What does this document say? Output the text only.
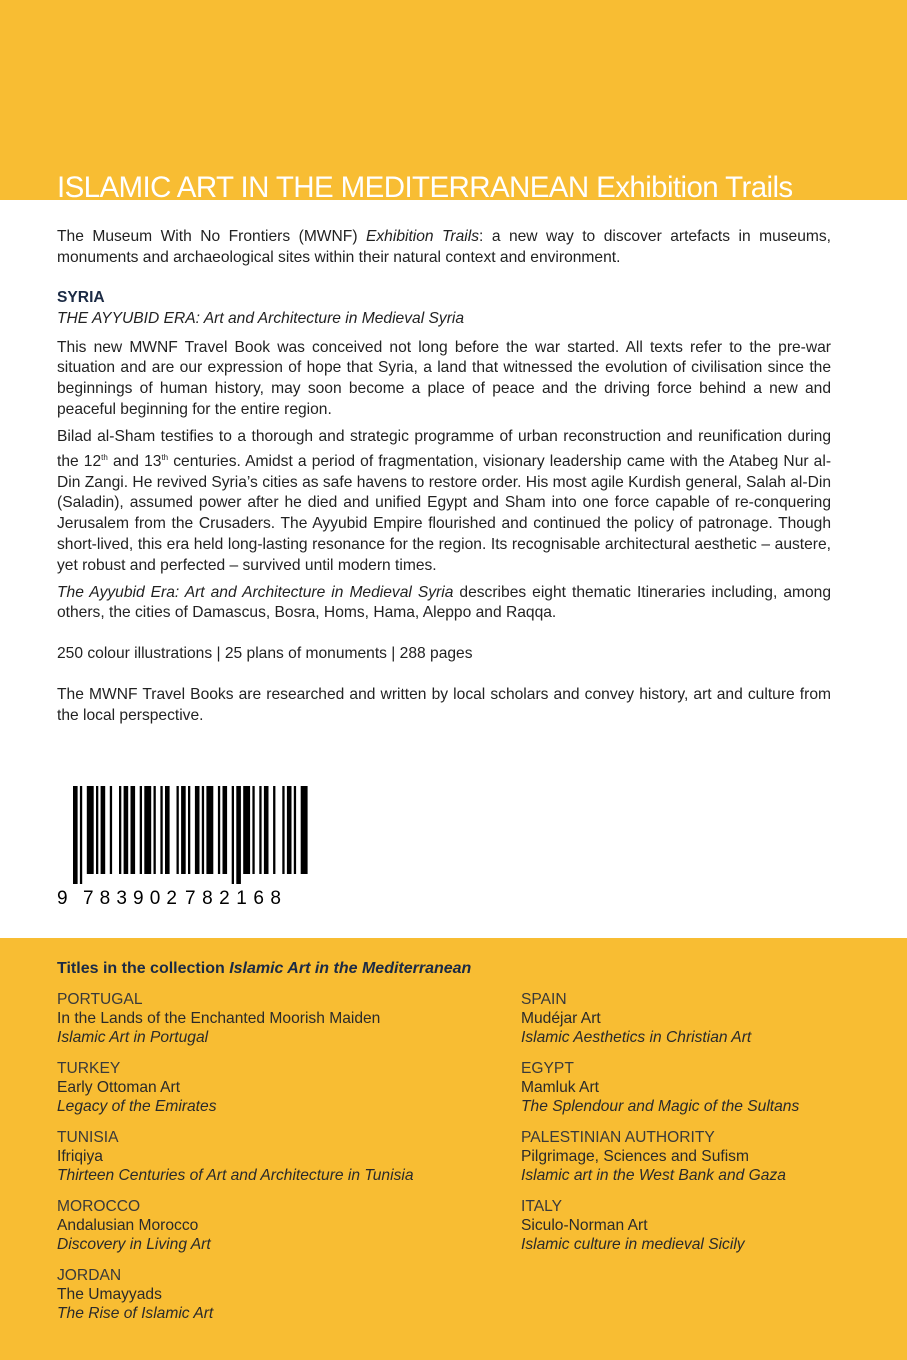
ISLAMIC ART IN THE MEDITERRANEAN Exhibition Trails

The Museum With No Frontiers (MWNF) Exhibition Trails: a new way to discover artefacts in museums, monuments and archaeological sites within their natural context and environment.

SYRIA

THE AYYUBID ERA: Art and Architecture in Medieval Syria

This new MWNF Travel Book was conceived not long before the war started. All texts refer to the pre-war situation and are our expression of hope that Syria, a land that witnessed the evolution of civilisation since the beginnings of human history, may soon become a place of peace and the driving force behind a new and peaceful beginning for the entire region.

Bilad al-Sham testifies to a thorough and strategic programme of urban reconstruction and reunification during the 12th and 13th centuries. Amidst a period of fragmentation, visionary leadership came with the Atabeg Nur al-Din Zangi. He revived Syria’s cities as safe havens to restore order. His most agile Kurdish general, Salah al-Din (Saladin), assumed power after he died and unified Egypt and Sham into one force capable of re-conquering Jerusalem from the Crusaders. The Ayyubid Empire flourished and continued the policy of patronage. Though short-lived, this era held long-lasting resonance for the region. Its recognisable architectural aesthetic – austere, yet robust and perfected – survived until modern times.

The Ayyubid Era: Art and Architecture in Medieval Syria describes eight thematic Itineraries including, among others, the cities of Damascus, Bosra, Homs, Hama, Aleppo and Raqqa.

250 colour illustrations | 25 plans of monuments | 288 pages

The MWNF Travel Books are researched and written by local scholars and convey history, art and culture from the local perspective.

9 783902 782168
Titles in the collection Islamic Art in the Mediterranean
PORTUGAL
In the Lands of the Enchanted Moorish Maiden
Islamic Art in Portugal
TURKEY
Early Ottoman Art
Legacy of the Emirates
TUNISIA
Ifriqiya
Thirteen Centuries of Art and Architecture in Tunisia
MOROCCO
Andalusian Morocco
Discovery in Living Art
JORDAN
The Umayyads
The Rise of Islamic Art
SPAIN
Mudéjar Art
Islamic Aesthetics in Christian Art
EGYPT
Mamluk Art
The Splendour and Magic of the Sultans
PALESTINIAN AUTHORITY
Pilgrimage, Sciences and Sufism
Islamic art in the West Bank and Gaza
ITALY
Siculo-Norman Art
Islamic culture in medieval Sicily
